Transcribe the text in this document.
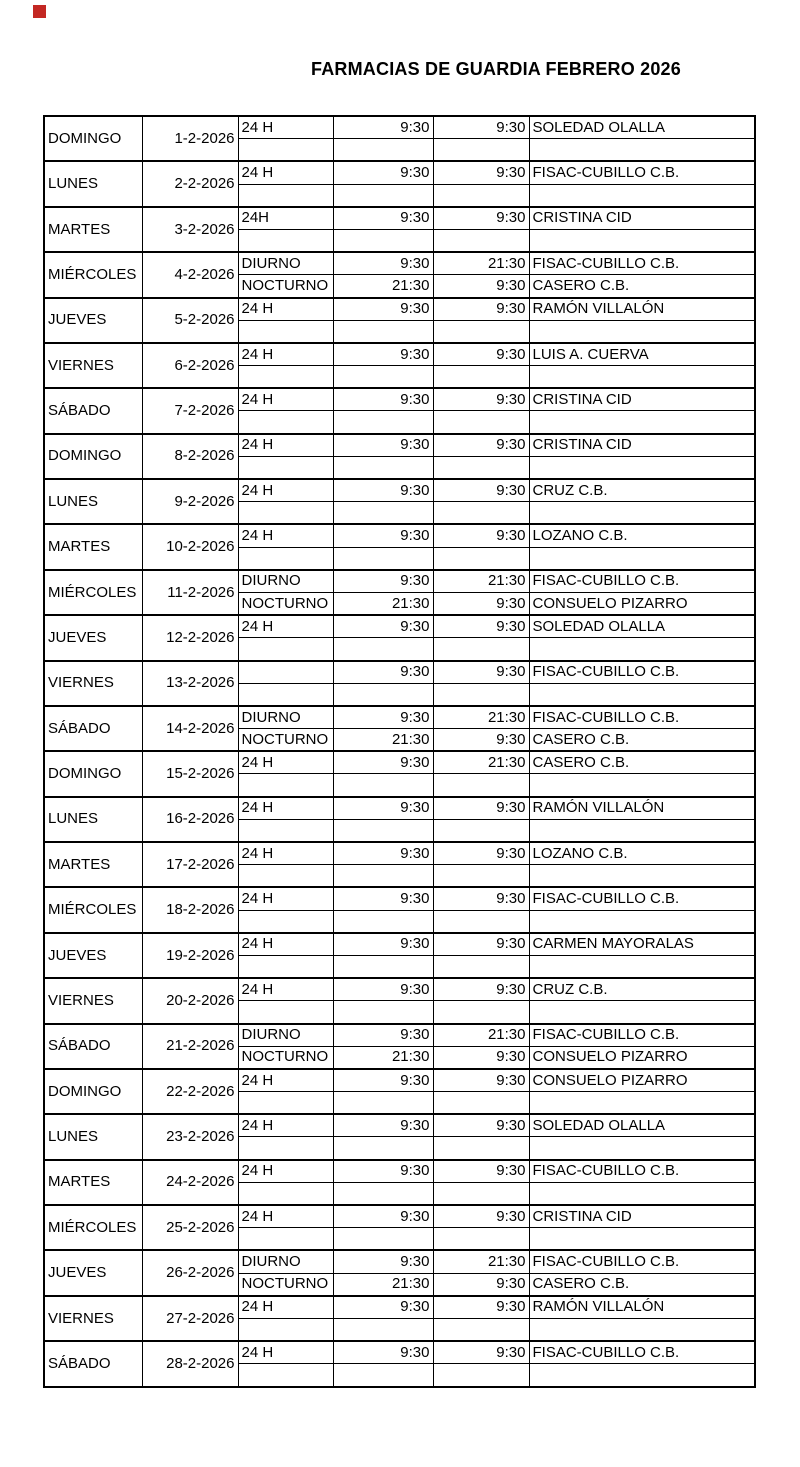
FARMACIAS DE GUARDIA FEBRERO 2026
DOMINGO	1-2-2026	24 H	9:30	9:30	SOLEDAD OLALLA

LUNES	2-2-2026	24 H	9:30	9:30	FISAC-CUBILLO C.B.

MARTES	3-2-2026	24H	9:30	9:30	CRISTINA CID

MIÉRCOLES	4-2-2026	DIURNO	9:30	21:30	FISAC-CUBILLO C.B.
		NOCTURNO	21:30	9:30	CASERO C.B.
JUEVES	5-2-2026	24 H	9:30	9:30	RAMÓN VILLALÓN

VIERNES	6-2-2026	24 H	9:30	9:30	LUIS A. CUERVA

SÁBADO	7-2-2026	24 H	9:30	9:30	CRISTINA CID

DOMINGO	8-2-2026	24 H	9:30	9:30	CRISTINA CID

LUNES	9-2-2026	24 H	9:30	9:30	CRUZ C.B.

MARTES	10-2-2026	24 H	9:30	9:30	LOZANO C.B.

MIÉRCOLES	11-2-2026	DIURNO	9:30	21:30	FISAC-CUBILLO C.B.
		NOCTURNO	21:30	9:30	CONSUELO PIZARRO
JUEVES	12-2-2026	24 H	9:30	9:30	SOLEDAD OLALLA

VIERNES	13-2-2026		9:30	9:30	FISAC-CUBILLO C.B.

SÁBADO	14-2-2026	DIURNO	9:30	21:30	FISAC-CUBILLO C.B.
		NOCTURNO	21:30	9:30	CASERO C.B.
DOMINGO	15-2-2026	24 H	9:30	21:30	CASERO C.B.

LUNES	16-2-2026	24 H	9:30	9:30	RAMÓN VILLALÓN

MARTES	17-2-2026	24 H	9:30	9:30	LOZANO C.B.

MIÉRCOLES	18-2-2026	24 H	9:30	9:30	FISAC-CUBILLO C.B.

JUEVES	19-2-2026	24 H	9:30	9:30	CARMEN MAYORALAS

VIERNES	20-2-2026	24 H	9:30	9:30	CRUZ C.B.

SÁBADO	21-2-2026	DIURNO	9:30	21:30	FISAC-CUBILLO C.B.
		NOCTURNO	21:30	9:30	CONSUELO PIZARRO
DOMINGO	22-2-2026	24 H	9:30	9:30	CONSUELO PIZARRO

LUNES	23-2-2026	24 H	9:30	9:30	SOLEDAD OLALLA

MARTES	24-2-2026	24 H	9:30	9:30	FISAC-CUBILLO C.B.

MIÉRCOLES	25-2-2026	24 H	9:30	9:30	CRISTINA CID

JUEVES	26-2-2026	DIURNO	9:30	21:30	FISAC-CUBILLO C.B.
		NOCTURNO	21:30	9:30	CASERO C.B.
VIERNES	27-2-2026	24 H	9:30	9:30	RAMÓN VILLALÓN

SÁBADO	28-2-2026	24 H	9:30	9:30	FISAC-CUBILLO C.B.
